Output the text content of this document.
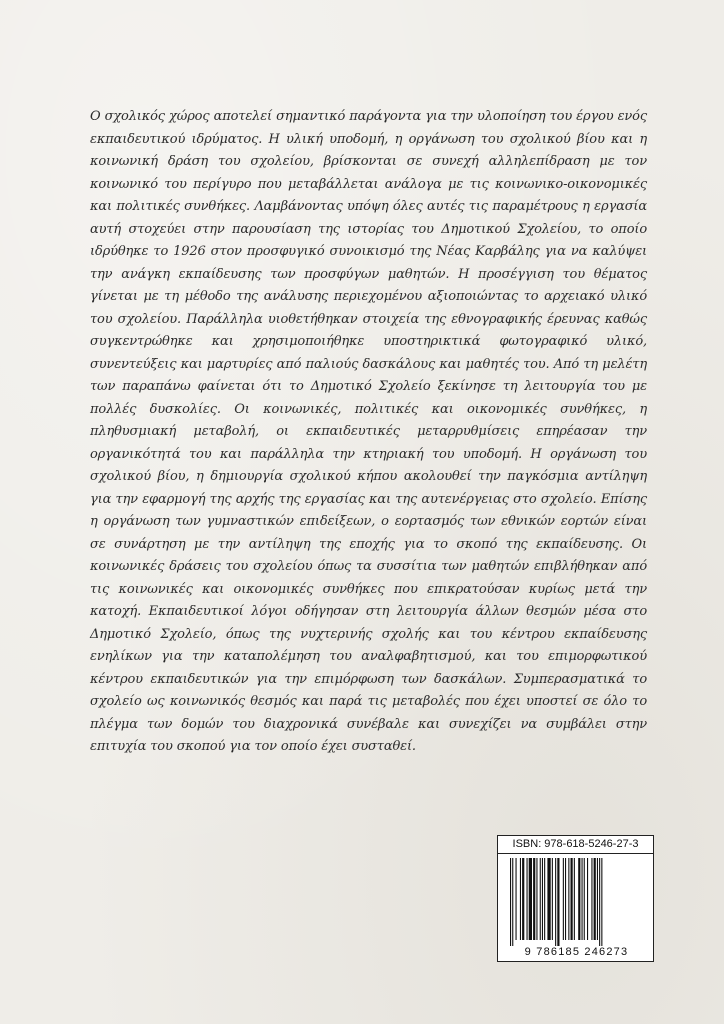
Ο σχολικός χώρος αποτελεί σημαντικό παράγοντα για την υλοποίηση του έργου ενός εκπαιδευτικού ιδρύματος. Η υλική υποδομή, η οργάνωση του σχολικού βίου και η κοινωνική δράση του σχολείου, βρίσκονται σε συνεχή αλληλεπίδραση με τον κοινωνικό του περίγυρο που μεταβάλλεται ανάλογα με τις κοινωνικο-οικονομικές και πολιτικές συνθήκες. Λαμβάνοντας υπόψη όλες αυτές τις παραμέτρους η εργασία αυτή στοχεύει στην παρουσίαση της ιστορίας του Δημοτικού Σχολείου, το οποίο ιδρύθηκε το 1926 στον προσφυγικό συνοικισμό της Νέας Καρβάλης για να καλύψει την ανάγκη εκπαίδευσης των προσφύγων μαθητών. Η προσέγγιση του θέματος γίνεται με τη μέθοδο της ανάλυσης περιεχομένου αξιοποιώντας το αρχειακό υλικό του σχολείου. Παράλληλα υιοθετήθηκαν στοιχεία της εθνογραφικής έρευνας καθώς συγκεντρώθηκε και χρησιμοποιήθηκε υποστηρικτικά φωτογραφικό υλικό, συνεντεύξεις και μαρτυρίες από παλιούς δασκάλους και μαθητές του. Από τη μελέτη των παραπάνω φαίνεται ότι το Δημοτικό Σχολείο ξεκίνησε τη λειτουργία του με πολλές δυσκολίες. Οι κοινωνικές, πολιτικές και οικονομικές συνθήκες, η πληθυσμιακή μεταβολή, οι εκπαιδευτικές μεταρρυθμίσεις επηρέασαν την οργανικότητά του και παράλληλα την κτηριακή του υποδομή. Η οργάνωση του σχολικού βίου, η δημιουργία σχολικού κήπου ακολουθεί την παγκόσμια αντίληψη για την εφαρμογή της αρχής της εργασίας και της αυτενέργειας στο σχολείο. Επίσης η οργάνωση των γυμναστικών επιδείξεων, ο εορτασμός των εθνικών εορτών είναι σε συνάρτηση με την αντίληψη της εποχής για το σκοπό της εκπαίδευσης. Οι κοινωνικές δράσεις του σχολείου όπως τα συσσίτια των μαθητών επιβλήθηκαν από τις κοινωνικές και οικονομικές συνθήκες που επικρατούσαν κυρίως μετά την κατοχή. Εκπαιδευτικοί λόγοι οδήγησαν στη λειτουργία άλλων θεσμών μέσα στο Δημοτικό Σχολείο, όπως της νυχτερινής σχολής και του κέντρου εκπαίδευσης ενηλίκων για την καταπολέμηση του αναλφαβητισμού, και του επιμορφωτικού κέντρου εκπαιδευτικών για την επιμόρφωση των δασκάλων. Συμπερασματικά το σχολείο ως κοινωνικός θεσμός και παρά τις μεταβολές που έχει υποστεί σε όλο το πλέγμα των δομών του διαχρονικά συνέβαλε και συνεχίζει να συμβάλει στην επιτυχία του σκοπού για τον οποίο έχει συσταθεί.

ISBN: 978-618-5246-27-3
9 786185 246273
